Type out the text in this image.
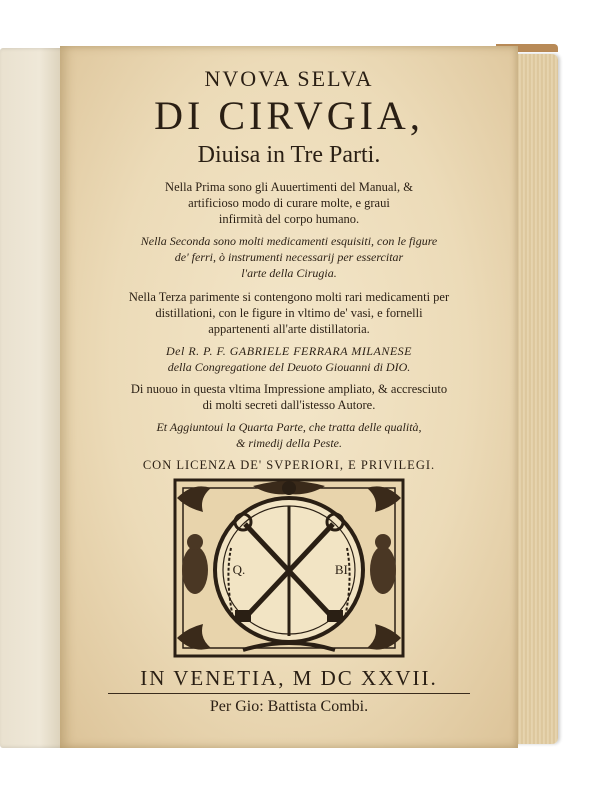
NVOVA SELVA
DI CIRVGIA,
Diuisa in Tre Parti.
Nella Prima sono gli Auuertimenti del Manual, &
artificioso modo di curare molte, e graui
infirmità del corpo humano.
Nella Seconda sono molti medicamenti esquisiti, con le figure
de' ferri, ò instrumenti necessarij per essercitar
l'arte della Cirugia.
Nella Terza parimente si contengono molti rari medicamenti per
distillationi, con le figure in vltimo de' vasi, e fornelli
appartenenti all'arte distillatoria.
Del R. P. F. GABRIELE FERRARA MILANESE
della Congregatione del Deuoto Giouanni di DIO.
Di nuouo in questa vltima Impressione ampliato, & accresciuto
di molti secreti dall'istesso Autore.
Et Aggiuntoui la Quarta Parte, che tratta delle qualità,
& rimedij della Peste.
CON LICENZA DE' SVPERIORI, E PRIVILEGI.
Q.	BI.
IN VENETIA, M DC XXVII.
Per Gio: Battista Combi.
